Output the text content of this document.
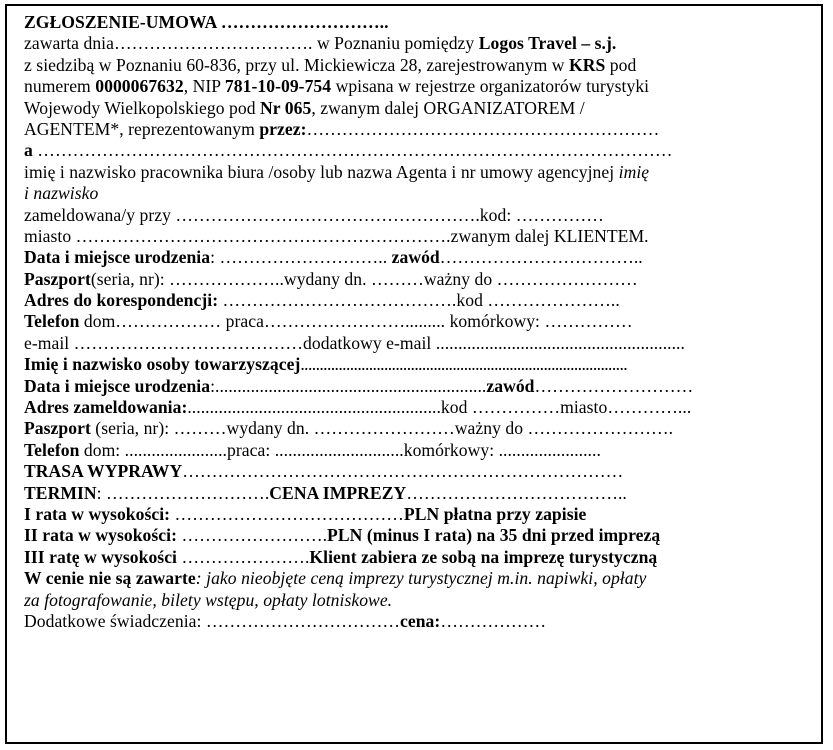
ZGŁOSZENIE-UMOWA ………………………..
zawarta dnia……………………………. w Poznaniu pomiędzy Logos Travel – s.j.
z siedzibą w Poznaniu 60-836, przy ul. Mickiewicza 28, zarejestrowanym w KRS pod
numerem 0000067632, NIP 781-10-09-754 wpisana w rejestrze organizatorów turystyki
Wojewody Wielkopolskiego pod Nr 065, zwanym dalej ORGANIZATOREM /
AGENTEM*, reprezentowanym przez:……………………………………………………
a ………………………………………………………………………………………………
imię i nazwisko pracownika biura /osoby lub nazwa Agenta i nr umowy agencyjnej imię
i nazwisko
zameldowana/y przy …………………………………………….kod: ……………
miasto ……………………………………………………….zwanym dalej KLIENTEM.
Data i miejsce urodzenia: ……………………….. zawód……………………………..
Paszport(seria, nr): ………………..wydany dn. ………ważny do ……………………
Adres do korespondencji: ………………………………….kod …………………..
Telefon dom……………… praca……………………......... komórkowy: ……………
e-mail …………………………………dodatkowy e-mail ........................................................
Imię i nazwisko osoby towarzyszącej......................................................................................
Data i miejsce urodzenia:.............................................................zawód………………………
Adres zameldowania:.........................................................kod ……………miasto…………...
Paszport (seria, nr): ………wydany dn. ……………………ważny do …………………….
Telefon dom: .......................praca: .............................komórkowy: .......................
TRASA WYPRAWY…………………………………………………………………
TERMIN: ……………………….CENA IMPREZY………………………………..
I rata w wysokości: …………………………………PLN płatna przy zapisie
II rata w wysokości: …………………….PLN (minus I rata) na 35 dni przed imprezą
III ratę w wysokości ………………….Klient zabiera ze sobą na imprezę turystyczną
W cenie nie są zawarte: jako nieobjęte ceną imprezy turystycznej m.in. napiwki, opłaty
za fotografowanie, bilety wstępu, opłaty lotniskowe.
Dodatkowe świadczenia: ……………………………cena:………………
